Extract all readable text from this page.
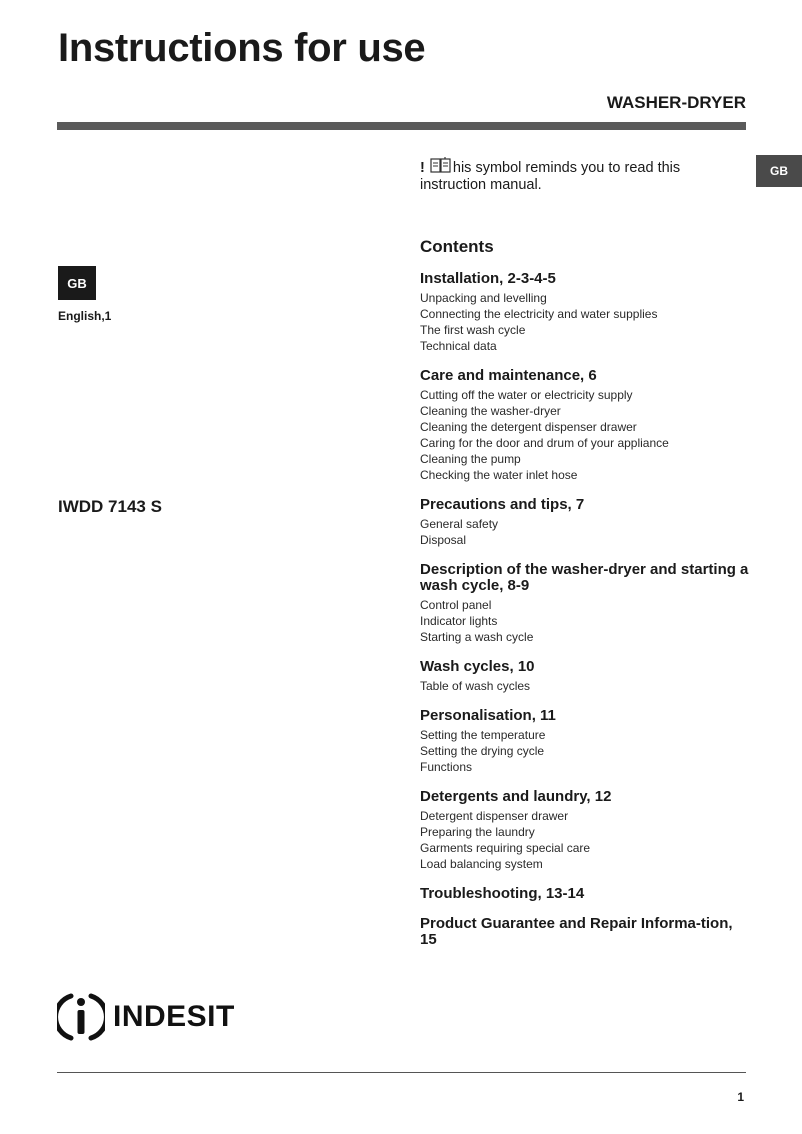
Instructions for use
WASHER-DRYER
GB
GB
English,1
IWDD 7143 S
! his symbol reminds you to read this instruction manual.
Contents
Installation, 2-3-4-5
Unpacking and levelling
Connecting the electricity and water supplies
The first wash cycle
Technical data
Care and maintenance, 6
Cutting off the water or electricity supply
Cleaning the washer-dryer
Cleaning the detergent dispenser drawer
Caring for the door and drum of your appliance
Cleaning the pump
Checking the water inlet hose
Precautions and tips, 7
General safety
Disposal
Description of the washer-dryer and starting a wash cycle, 8-9
Control panel
Indicator lights
Starting a wash cycle
Wash cycles, 10
Table of wash cycles
Personalisation, 11
Setting the temperature
Setting the drying cycle
Functions
Detergents and laundry, 12
Detergent dispenser drawer
Preparing the laundry
Garments requiring special care
Load balancing system
Troubleshooting, 13-14
Product Guarantee and Repair Informa-tion, 15
INDESIT
1
